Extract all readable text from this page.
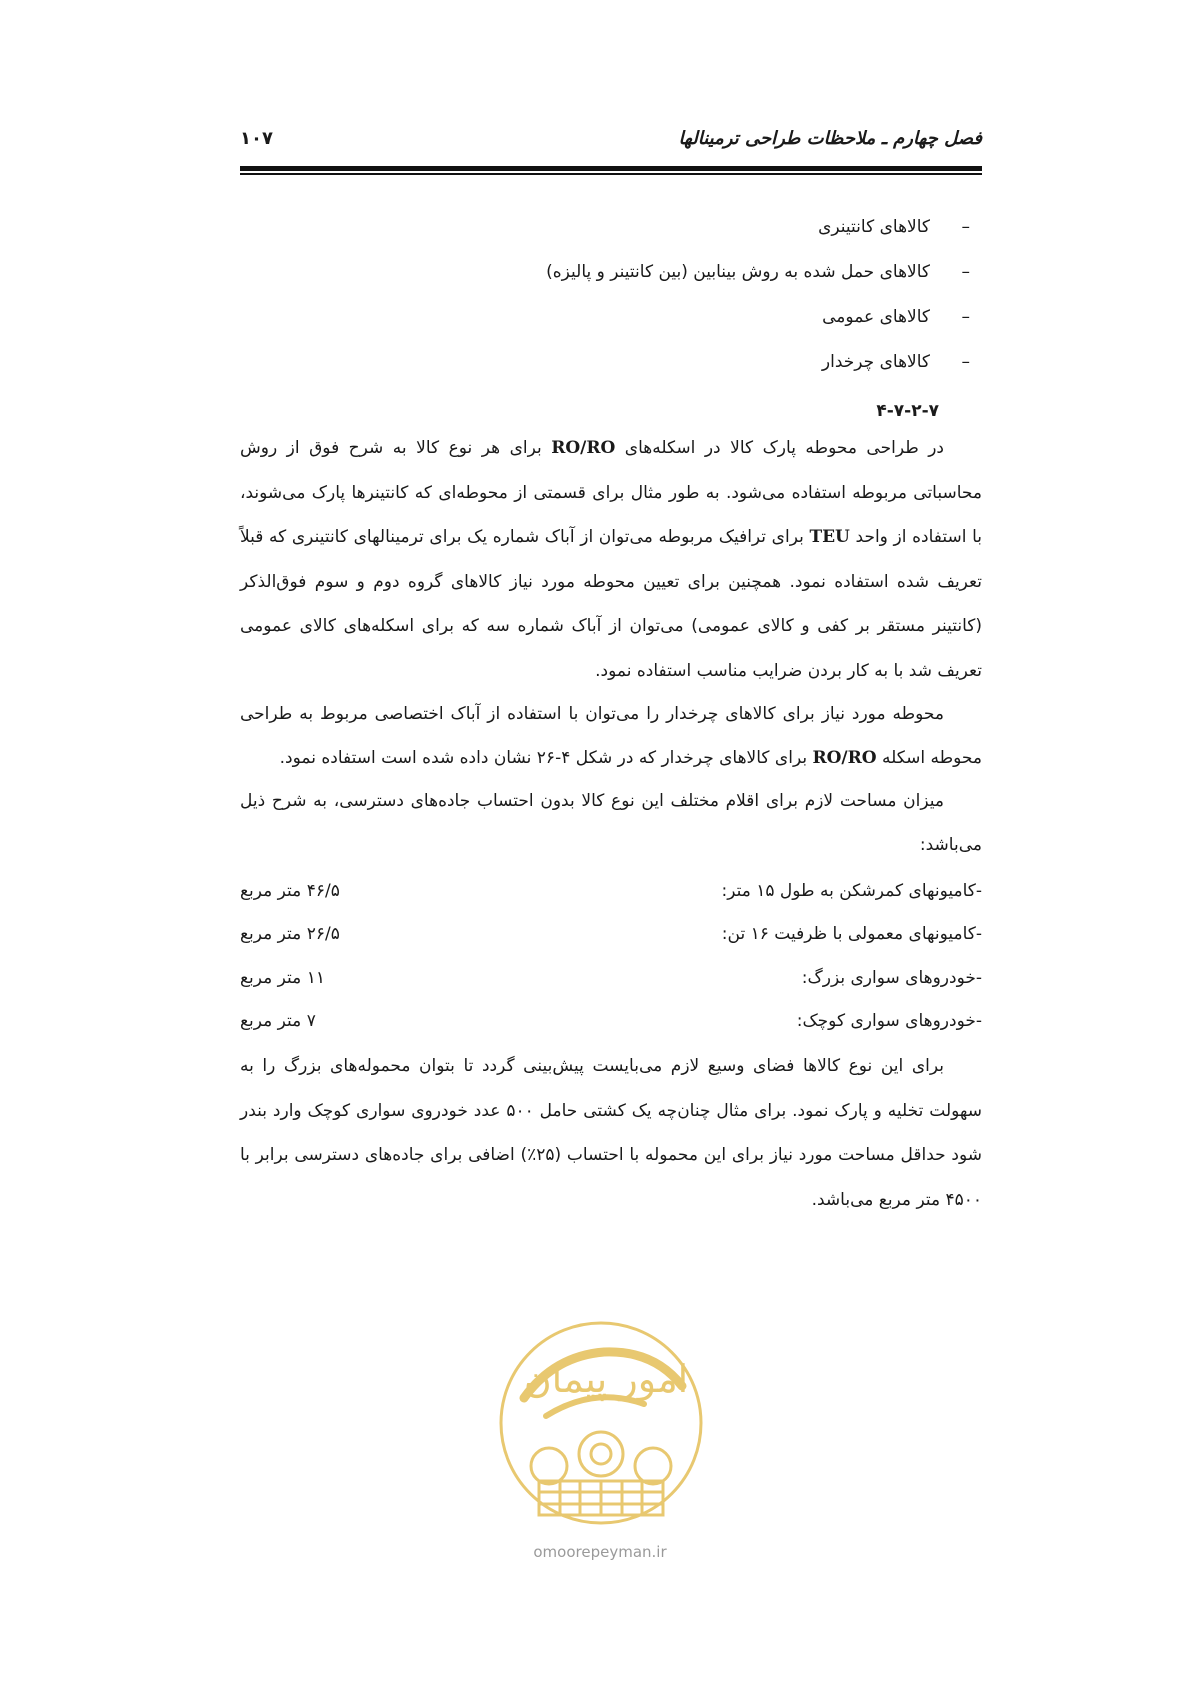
فصل چهارم ـ ملاحظات طراحی ترمینالها
۱۰۷
–
کالاهای کانتینری
–
کالاهای حمل شده به روش بینابین (بین کانتینر و پالیزه)
–
کالاهای عمومی
–
کالاهای چرخدار
۴-۷-۲-۷

در طراحی محوطه پارک کالا در اسکله‌های RO/RO برای هر نوع کالا به شرح فوق از روش محاسباتی مربوطه استفاده می‌شود. به طور مثال برای قسمتی از محوطه‌ای که کانتینرها پارک می‌شوند، با استفاده از واحد TEU برای ترافیک مربوطه می‌توان از آباک شماره یک برای ترمینالهای کانتینری که قبلاً تعریف شده استفاده نمود. همچنین برای تعیین محوطه مورد نیاز کالاهای گروه دوم و سوم فوق‌الذکر (کانتینر مستقر بر کفی و کالای عمومی) می‌توان از آباک شماره سه که برای اسکله‌های کالای عمومی تعریف شد با به کار بردن ضرایب مناسب استفاده نمود.

محوطه مورد نیاز برای کالاهای چرخدار را می‌توان با استفاده از آباک اختصاصی مربوط به طراحی محوطه اسکله RO/RO برای کالاهای چرخدار که در شکل ۴-۲۶ نشان داده شده است استفاده نمود.

میزان مساحت لازم برای اقلام مختلف این نوع کالا بدون احتساب جاده‌های دسترسی، به شرح ذیل می‌باشد:

-کامیونهای کمرشکن به طول ۱۵ متر:
۴۶/۵ متر مربع
-کامیونهای معمولی با ظرفیت ۱۶ تن:
۲۶/۵ متر مربع
-خودروهای سواری بزرگ:
۱۱ متر مربع
-خودروهای سواری کوچک:
۷ متر مربع

برای این نوع کالاها فضای وسیع لازم می‌بایست پیش‌بینی گردد تا بتوان محموله‌های بزرگ را به سهولت تخلیه و پارک نمود. برای مثال چنان‌چه یک کشتی حامل ۵۰۰ عدد خودروی سواری کوچک وارد بندر شود حداقل مساحت مورد نیاز برای این محموله با احتساب (۲۵٪) اضافی برای جاده‌های دسترسی برابر با ۴۵۰۰ متر مربع می‌باشد.

امور پیمان
omoorepeyman.ir
